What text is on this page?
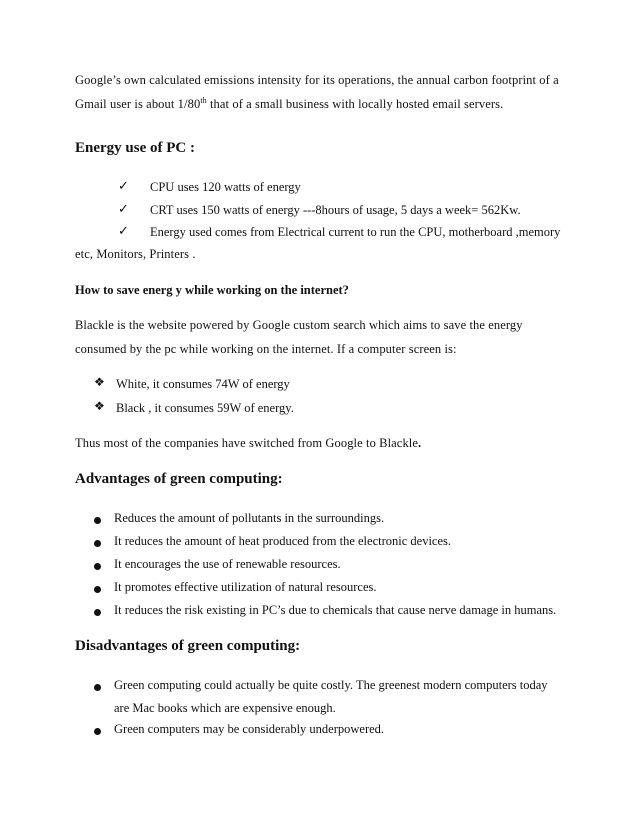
Google’s own calculated emissions intensity for its operations, the annual carbon footprint of a
Gmail user is about 1/80th that of a small business with locally hosted email servers.
Energy use of PC :
✓ CPU uses 120 watts of energy
✓ CRT uses 150 watts of energy ---8hours of usage, 5 days a week= 562Kw.
✓ Energy used comes from Electrical current to run the CPU, motherboard ,memory
etc, Monitors, Printers .
How to save energ y while working on the internet?
Blackle is the website powered by Google custom search which aims to save the energy
consumed by the pc while working on the internet. If a computer screen is:
❖ White, it consumes 74W of energy
❖ Black , it consumes 59W of energy.
Thus most of the companies have switched from Google to Blackle.
Advantages of green computing:
Reduces the amount of pollutants in the surroundings.
It reduces the amount of heat produced from the electronic devices.
It encourages the use of renewable resources.
It promotes effective utilization of natural resources.
It reduces the risk existing in PC’s due to chemicals that cause nerve damage in humans.
Disadvantages of green computing:
Green computing could actually be quite costly. The greenest modern computers today
are Mac books which are expensive enough.
Green computers may be considerably underpowered.
